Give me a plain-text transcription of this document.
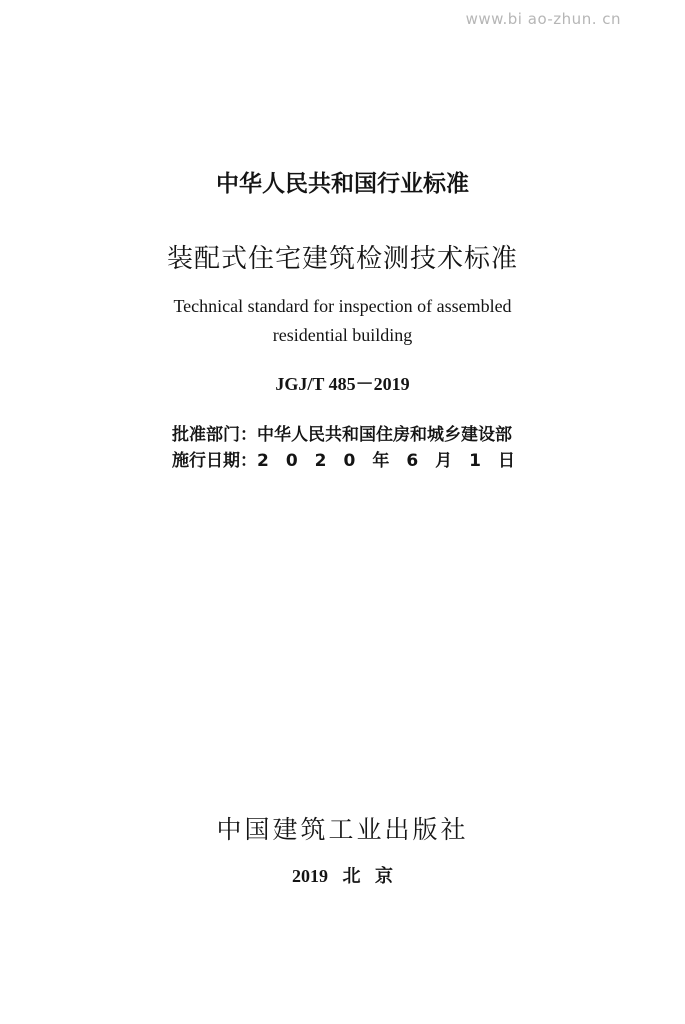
www.bi ao-zhun. cn
中华人民共和国行业标准
装配式住宅建筑检测技术标准
Technical standard for inspection of assembled
residential building
JGJ/T 485－2019
批准部门：中华人民共和国住房和城乡建设部
施行日期：2020年6月1日
中国建筑工业出版社
2019 北 京
